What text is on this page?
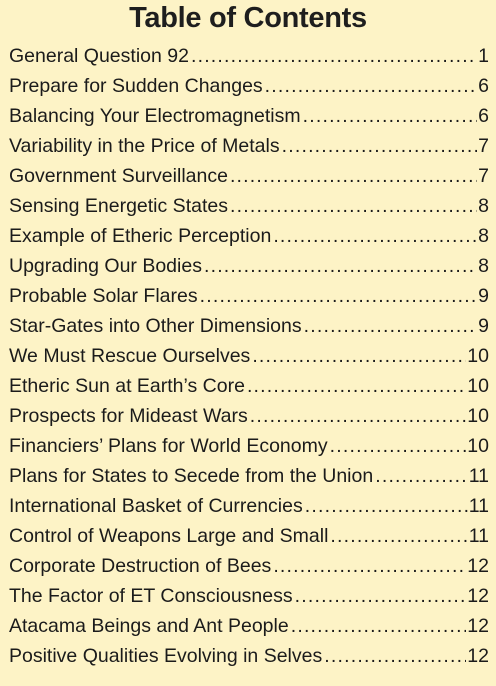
Table of Contents
General Question 92 .....	1
Prepare for Sudden Changes .....	6
Balancing Your Electromagnetism .....	6
Variability in the Price of Metals .....	7
Government Surveillance .....	7
Sensing Energetic States .....	8
Example of Etheric Perception .....	8
Upgrading Our Bodies .....	8
Probable Solar Flares .....	9
Star-Gates into Other Dimensions .....	9
We Must Rescue Ourselves .....	10
Etheric Sun at Earth’s Core .....	10
Prospects for Mideast Wars .....	10
Financiers’ Plans for World Economy .....	10
Plans for States to Secede from the Union .....	11
International Basket of Currencies .....	11
Control of Weapons Large and Small .....	11
Corporate Destruction of Bees .....	12
The Factor of ET Consciousness .....	12
Atacama Beings and Ant People .....	12
Positive Qualities Evolving in Selves .....	12
